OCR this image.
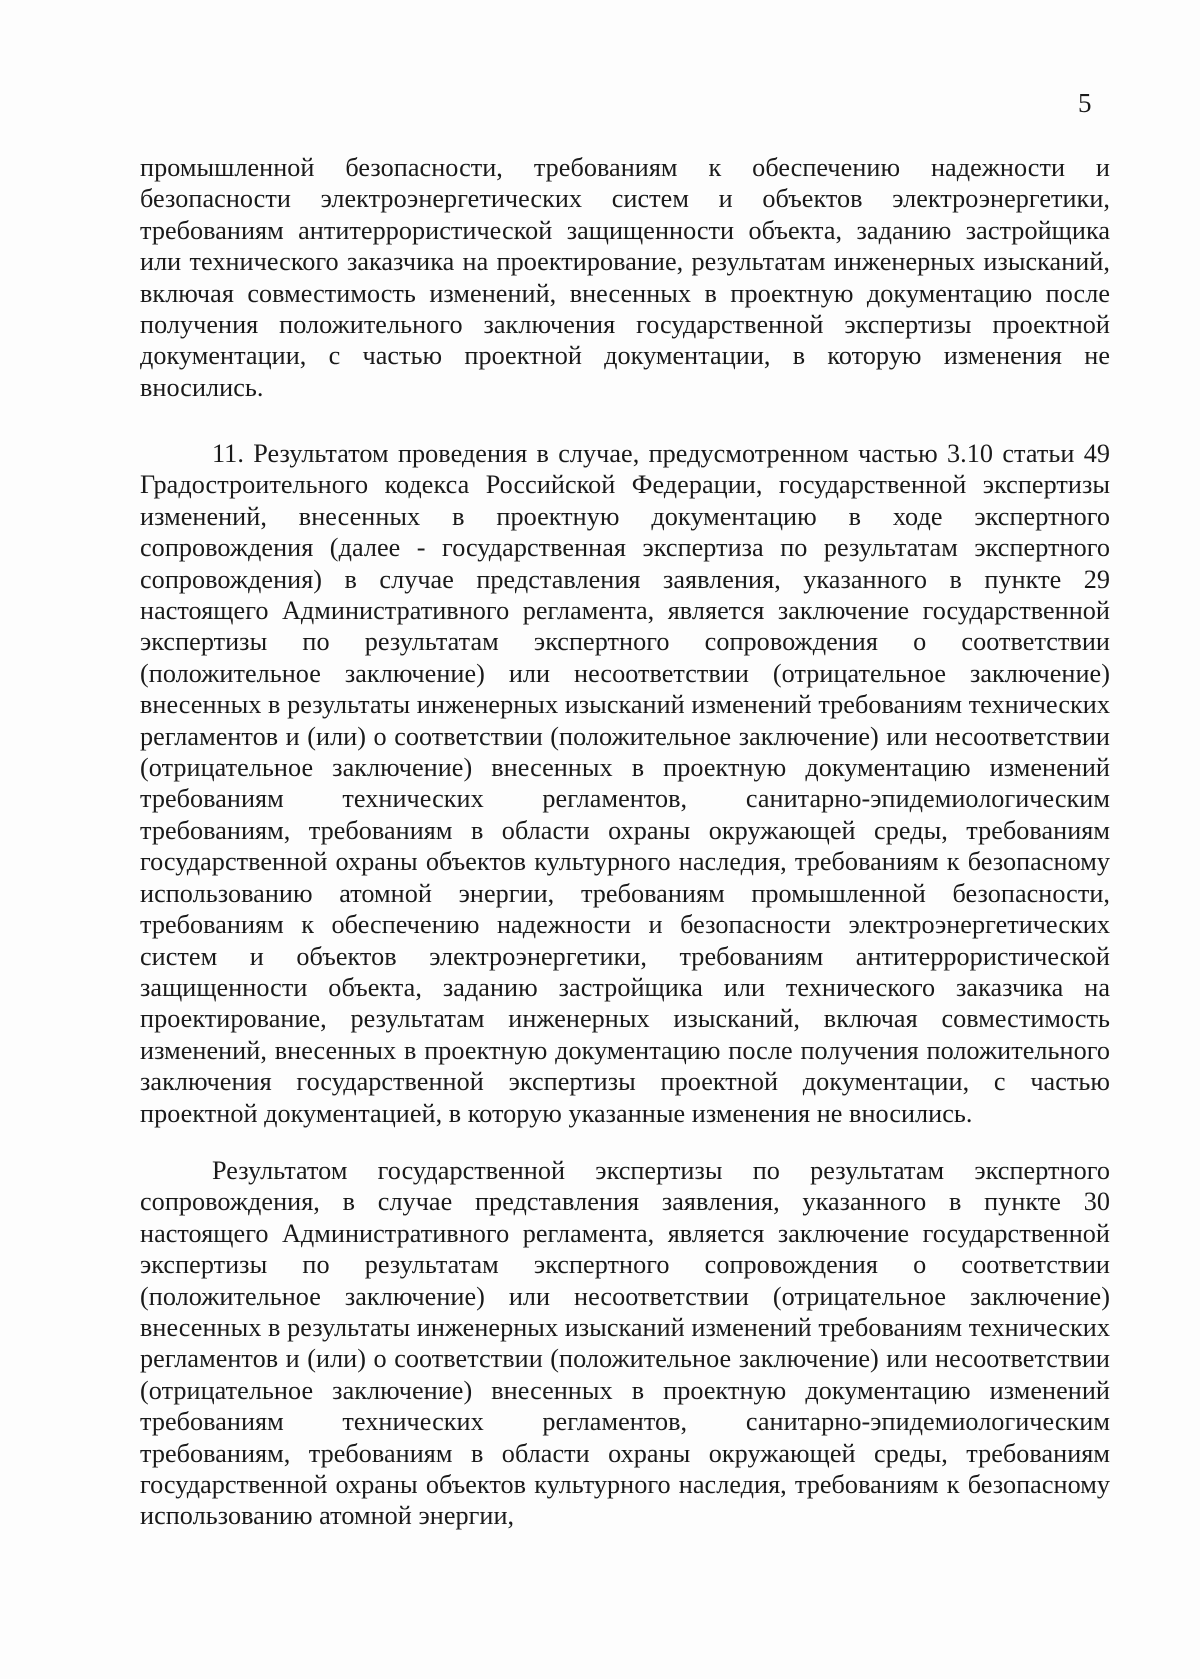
5

промышленной безопасности, требованиям к обеспечению надежности и безопасности электроэнергетических систем и объектов электроэнергетики, требованиям антитеррористической защищенности объекта, заданию застройщика или технического заказчика на проектирование, результатам инженерных изысканий, включая совместимость изменений, внесенных в проектную документацию после получения положительного заключения государственной экспертизы проектной документации, с частью проектной документации, в которую изменения не вносились.

11. Результатом проведения в случае, предусмотренном частью 3.10 статьи 49 Градостроительного кодекса Российской Федерации, государственной экспертизы изменений, внесенных в проектную документацию в ходе экспертного сопровождения (далее - государственная экспертиза по результатам экспертного сопровождения) в случае представления заявления, указанного в пункте 29 настоящего Административного регламента, является заключение государственной экспертизы по результатам экспертного сопровождения о соответствии (положительное заключение) или несоответствии (отрицательное заключение) внесенных в результаты инженерных изысканий изменений требованиям технических регламентов и (или) о соответствии (положительное заключение) или несоответствии (отрицательное заключение) внесенных в проектную документацию изменений требованиям технических регламентов, санитарно-эпидемиологическим требованиям, требованиям в области охраны окружающей среды, требованиям государственной охраны объектов культурного наследия, требованиям к безопасному использованию атомной энергии, требованиям промышленной безопасности, требованиям к обеспечению надежности и безопасности электроэнергетических систем и объектов электроэнергетики, требованиям антитеррористической защищенности объекта, заданию застройщика или технического заказчика на проектирование, результатам инженерных изысканий, включая совместимость изменений, внесенных в проектную документацию после получения положительного заключения государственной экспертизы проектной документации, с частью проектной документацией, в которую указанные изменения не вносились.

Результатом государственной экспертизы по результатам экспертного сопровождения, в случае представления заявления, указанного в пункте 30 настоящего Административного регламента, является заключение государственной экспертизы по результатам экспертного сопровождения о соответствии (положительное заключение) или несоответствии (отрицательное заключение) внесенных в результаты инженерных изысканий изменений требованиям технических регламентов и (или) о соответствии (положительное заключение) или несоответствии (отрицательное заключение) внесенных в проектную документацию изменений требованиям технических регламентов, санитарно-эпидемиологическим требованиям, требованиям в области охраны окружающей среды, требованиям государственной охраны объектов культурного наследия, требованиям к безопасному использованию атомной энергии,
